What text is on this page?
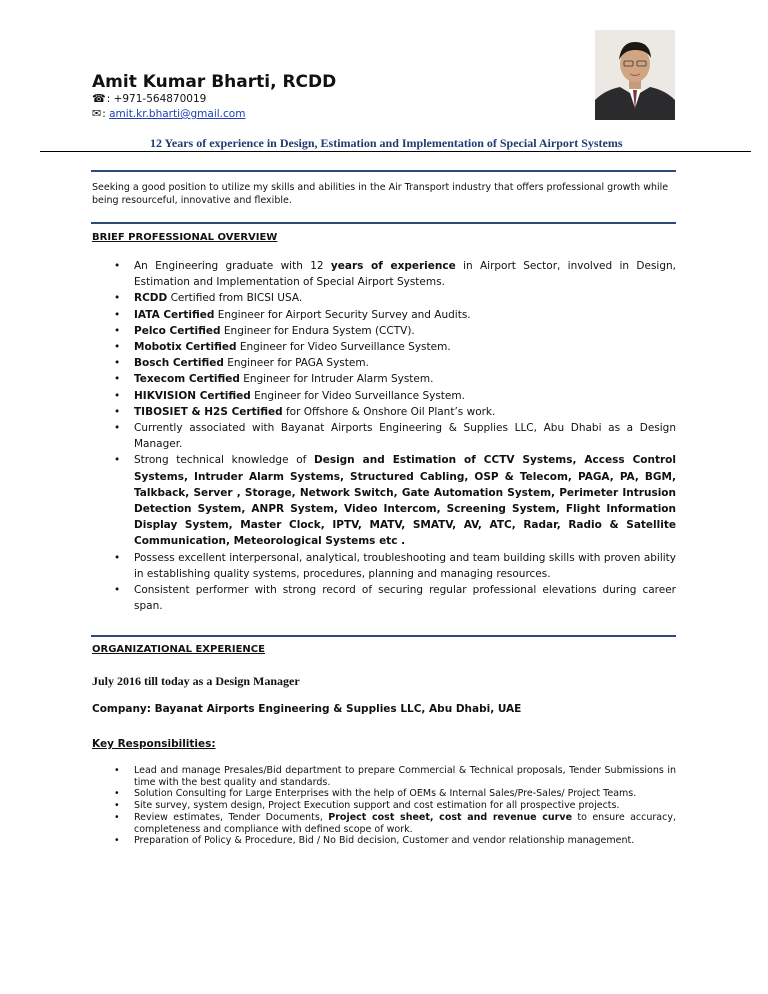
Amit Kumar Bharti, RCDD
☎: +971-564870019
✉: amit.kr.bharti@gmail.com
12 Years of experience in Design, Estimation and Implementation of Special Airport Systems
Seeking a good position to utilize my skills and abilities in the Air Transport industry that offers professional growth while being resourceful, innovative and flexible.
BRIEF PROFESSIONAL OVERVIEW
• An Engineering graduate with 12 years of experience in Airport Sector, involved in Design, Estimation and Implementation of Special Airport Systems.
• RCDD Certified from BICSI USA.
• IATA Certified Engineer for Airport Security Survey and Audits.
• Pelco Certified Engineer for Endura System (CCTV).
• Mobotix Certified Engineer for Video Surveillance System.
• Bosch Certified Engineer for PAGA System.
• Texecom Certified Engineer for Intruder Alarm System.
• HIKVISION Certified Engineer for Video Surveillance System.
• TIBOSIET & H2S Certified for Offshore & Onshore Oil Plant’s work.
• Currently associated with Bayanat Airports Engineering & Supplies LLC, Abu Dhabi as a Design Manager.
• Strong technical knowledge of Design and Estimation of CCTV Systems, Access Control Systems, Intruder Alarm Systems, Structured Cabling, OSP & Telecom, PAGA, PA, BGM, Talkback, Server , Storage, Network Switch, Gate Automation System, Perimeter Intrusion Detection System, ANPR System, Video Intercom, Screening System, Flight Information Display System, Master Clock, IPTV, MATV, SMATV, AV, ATC, Radar, Radio & Satellite Communication, Meteorological Systems etc .
• Possess excellent interpersonal, analytical, troubleshooting and team building skills with proven ability in establishing quality systems, procedures, planning and managing resources.
• Consistent performer with strong record of securing regular professional elevations during career span.
ORGANIZATIONAL EXPERIENCE
July 2016 till today as a Design Manager
Company: Bayanat Airports Engineering & Supplies LLC, Abu Dhabi, UAE
Key Responsibilities:
• Lead and manage Presales/Bid department to prepare Commercial & Technical proposals, Tender Submissions in time with the best quality and standards.
• Solution Consulting for Large Enterprises with the help of OEMs & Internal Sales/Pre-Sales/ Project Teams.
• Site survey, system design, Project Execution support and cost estimation for all prospective projects.
• Review estimates, Tender Documents, Project cost sheet, cost and revenue curve to ensure accuracy, completeness and compliance with defined scope of work.
• Preparation of Policy & Procedure, Bid / No Bid decision, Customer and vendor relationship management.
